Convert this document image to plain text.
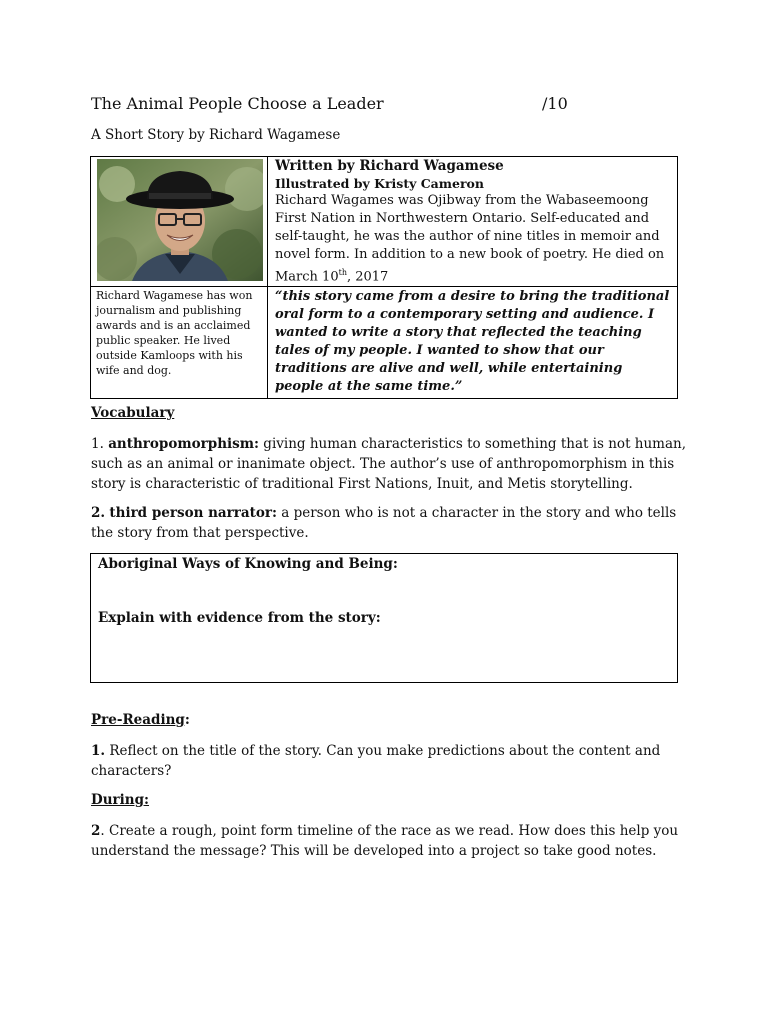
The Animal People Choose a Leader	/10
A Short Story by Richard Wagamese

Written by Richard Wagamese
Illustrated by Kristy Cameron
Richard Wagames was Ojibway from the Wabaseemoong First Nation in Northwestern Ontario. Self-educated and self-taught, he was the author of nine titles in memoir and novel form. In addition to a new book of poetry. He died on March 10th, 2017

Richard Wagamese has won journalism and publishing awards and is an acclaimed public speaker. He lived outside Kamloops with his wife and dog.	“this story came from a desire to bring the traditional oral form to a contemporary setting and audience. I wanted to write a story that reflected the teaching tales of my people. I wanted to show that our traditions are alive and well, while entertaining people at the same time.”
Vocabulary
1. anthropomorphism: giving human characteristics to something that is not human, such as an animal or inanimate object. The author’s use of anthropomorphism in this story is characteristic of traditional First Nations, Inuit, and Metis storytelling.
2. third person narrator: a person who is not a character in the story and who tells the story from that perspective.
Aboriginal Ways of Knowing and Being:
Explain with evidence from the story:
Pre-Reading:
1. Reflect on the title of the story. Can you make predictions about the content and characters?
During:
2. Create a rough, point form timeline of the race as we read. How does this help you understand the message? This will be developed into a project so take good notes.
